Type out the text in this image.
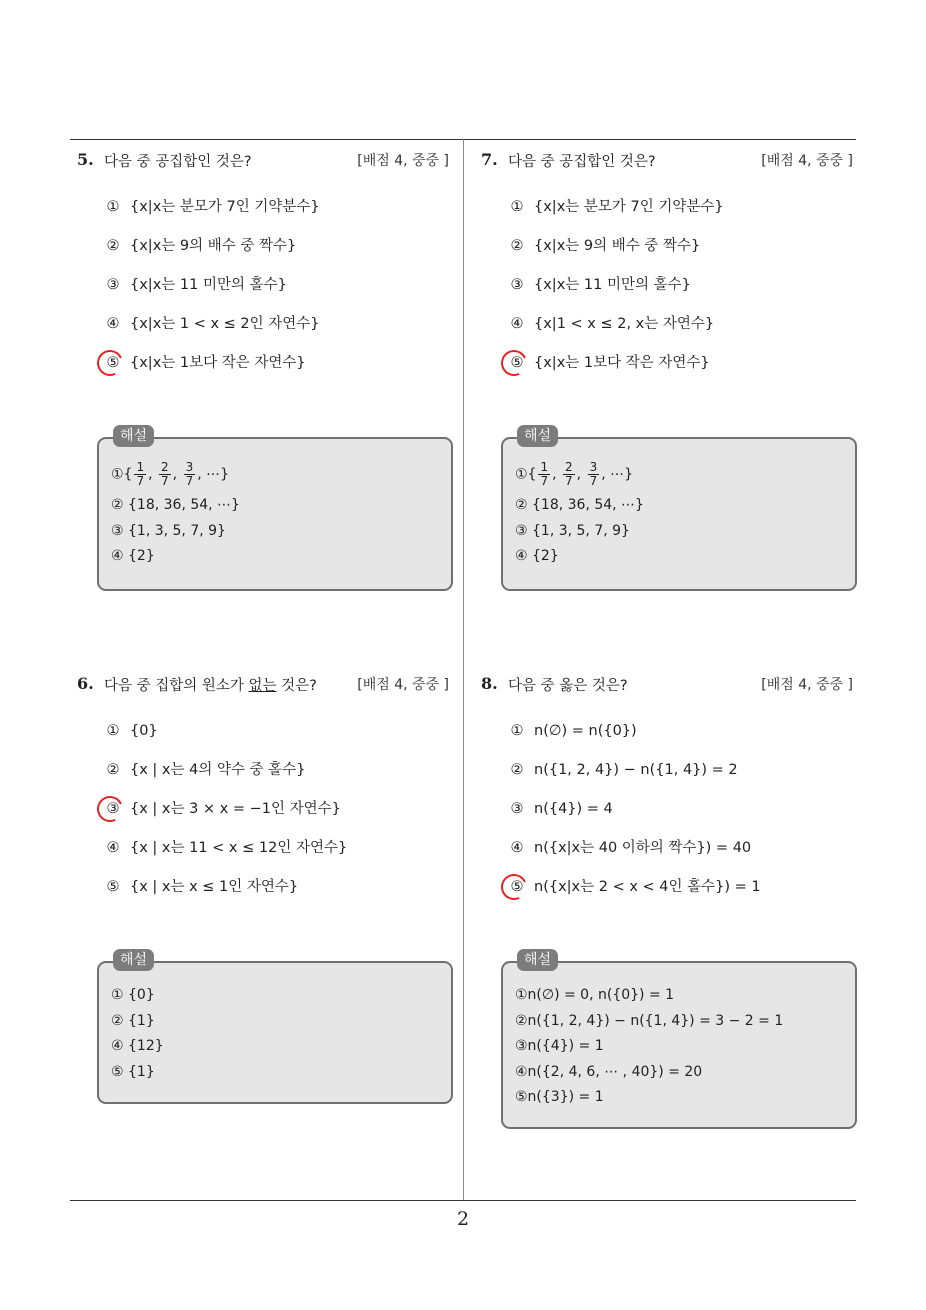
2
5. 다음 중 공집합인 것은?	[배점 4, 중중 ]
① {x|x는 분모가 7인 기약분수}
② {x|x는 9의 배수 중 짝수}
③ {x|x는 11 미만의 홀수}
④ {x|x는 1 < x ≤ 2인 자연수}
⑤ {x|x는 1보다 작은 자연수}
해설
①{ $\frac{1}{7}$ , $\frac{2}{7}$ , $\frac{3}{7}$ , ⋯}
② {18, 36, 54, ⋯}
③ {1, 3, 5, 7, 9}
④ {2}
6. 다음 중 집합의 원소가 없는 것은?	[배점 4, 중중 ]
① {0}
② {x | x는 4의 약수 중 홀수}
③ {x | x는 3 × x = −1인 자연수}
④ {x | x는 11 < x ≤ 12인 자연수}
⑤ {x | x는 x ≤ 1인 자연수}
해설
① {0}
② {1}
④ {12}
⑤ {1}
7. 다음 중 공집합인 것은?	[배점 4, 중중 ]
① {x|x는 분모가 7인 기약분수}
② {x|x는 9의 배수 중 짝수}
③ {x|x는 11 미만의 홀수}
④ {x|1 < x ≤ 2, x는 자연수}
⑤ {x|x는 1보다 작은 자연수}
해설
①{ $\frac{1}{7}$ , $\frac{2}{7}$ , $\frac{3}{7}$ , ⋯}
② {18, 36, 54, ⋯}
③ {1, 3, 5, 7, 9}
④ {2}
8. 다음 중 옳은 것은?	[배점 4, 중중 ]
① n(∅) = n({0})
② n({1, 2, 4}) − n({1, 4}) = 2
③ n({4}) = 4
④ n({x|x는 40 이하의 짝수}) = 40
⑤ n({x|x는 2 < x < 4인 홀수}) = 1
해설
①n(∅) = 0, n({0}) = 1
②n({1, 2, 4}) − n({1, 4}) = 3 − 2 = 1
③n({4}) = 1
④n({2, 4, 6, ⋯ , 40}) = 20
⑤n({3}) = 1
